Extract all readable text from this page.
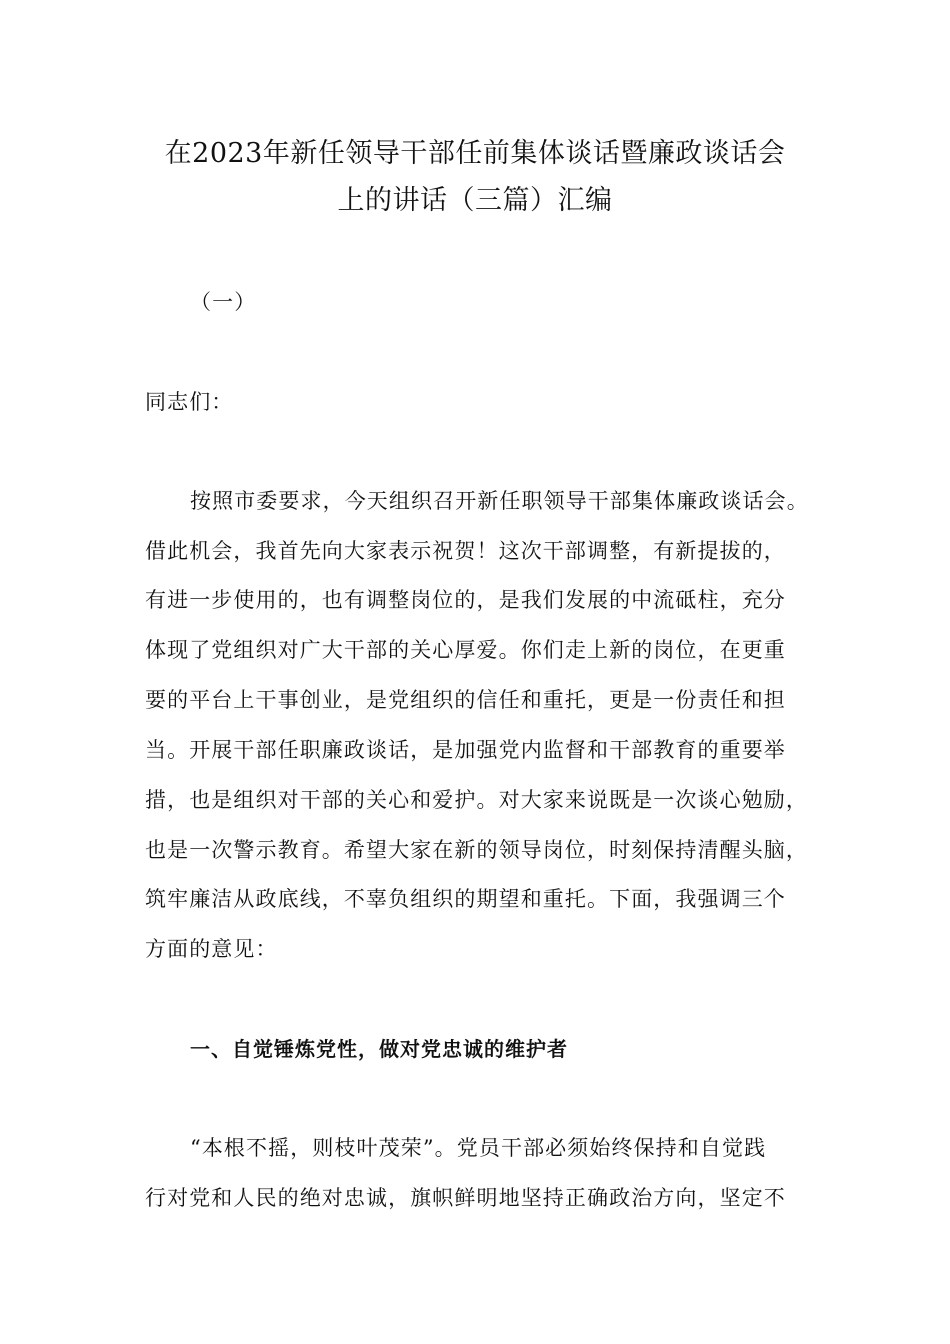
在2023年新任领导干部任前集体谈话暨廉政谈话会
上的讲话（三篇）汇编
（一）
同志们：
按照市委要求，今天组织召开新任职领导干部集体廉政谈话会。
借此机会，我首先向大家表示祝贺！这次干部调整，有新提拔的，
有进一步使用的，也有调整岗位的，是我们发展的中流砥柱，充分
体现了党组织对广大干部的关心厚爱。你们走上新的岗位，在更重
要的平台上干事创业，是党组织的信任和重托，更是一份责任和担
当。开展干部任职廉政谈话，是加强党内监督和干部教育的重要举
措，也是组织对干部的关心和爱护。对大家来说既是一次谈心勉励，
也是一次警示教育。希望大家在新的领导岗位，时刻保持清醒头脑，
筑牢廉洁从政底线，不辜负组织的期望和重托。下面，我强调三个
方面的意见：
一、自觉锤炼党性，做对党忠诚的维护者
“本根不摇，则枝叶茂荣”。党员干部必须始终保持和自觉践
行对党和人民的绝对忠诚，旗帜鲜明地坚持正确政治方向，坚定不
